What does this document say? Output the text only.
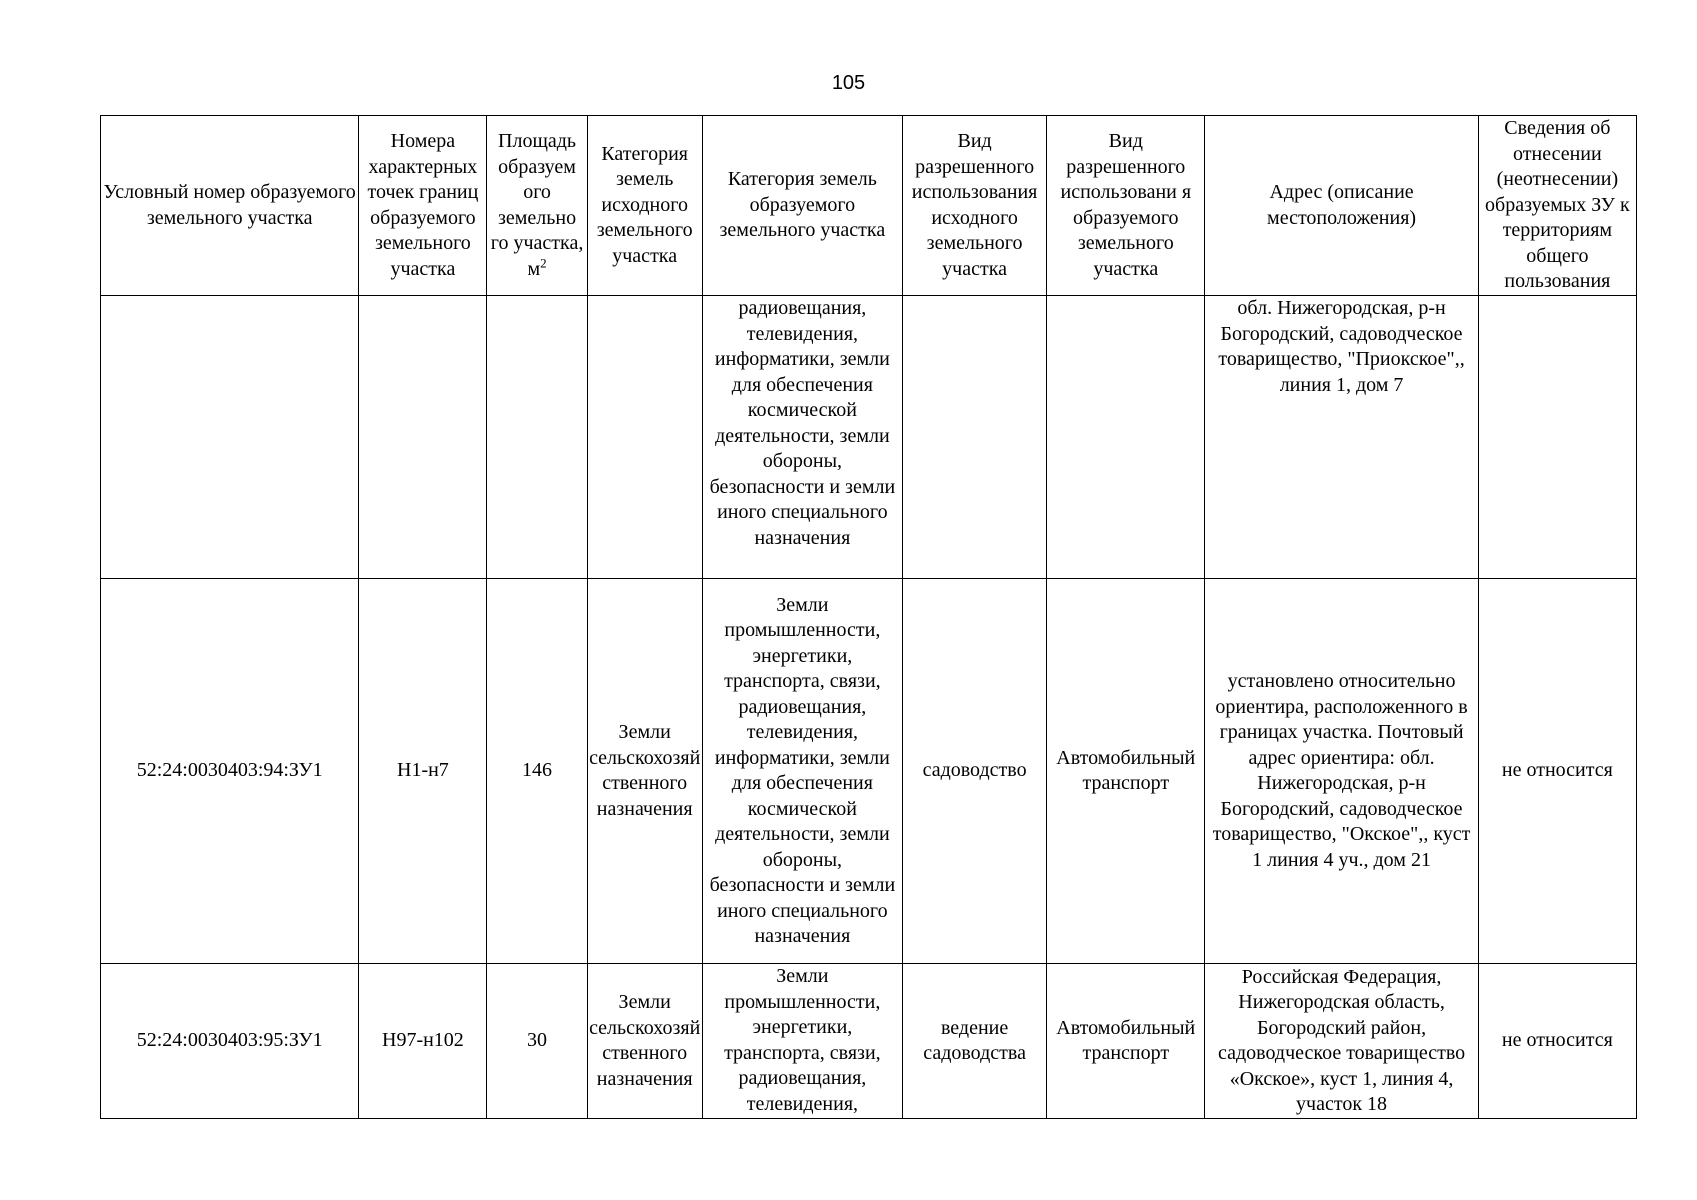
105
Условный номер образуемого земельного участка	Номера характерных точек границ образуемого земельного участка	Площадь образуем ого земельно го участка, $м^2$	Категория земель исходного земельного участка	Категория земель образуемого земельного участка	Вид разрешенного использования исходного земельного участка	Вид разрешенного использовани я образуемого земельного участка	Адрес (описание местоположения)	Сведения об отнесении (неотнесении) образуемых ЗУ к территориям общего пользования
				радиовещания, телевидения, информатики, земли для обеспечения космической деятельности, земли обороны, безопасности и земли иного специального назначения			обл. Нижегородская, р-н Богородский, садоводческое товарищество, "Приокское",, линия 1, дом 7	
52:24:0030403:94:ЗУ1	Н1-н7	146	Земли сельскохозяйственного назначения	Земли промышленности, энергетики, транспорта, связи, радиовещания, телевидения, информатики, земли для обеспечения космической деятельности, земли обороны, безопасности и земли иного специального назначения	садоводство	Автомобильный транспорт	установлено относительно ориентира, расположенного в границах участка. Почтовый адрес ориентира: обл. Нижегородская, р-н Богородский, садоводческое товарищество, "Окское",, куст 1 линия 4 уч., дом 21	не относится
52:24:0030403:95:ЗУ1	Н97-н102	30	Земли сельскохозяйственного назначения	Земли промышленности, энергетики, транспорта, связи, радиовещания, телевидения,	ведение садоводства	Автомобильный транспорт	Российская Федерация, Нижегородская область, Богородский район, садоводческое товарищество «Окское», куст 1, линия 4, участок 18	не относится
